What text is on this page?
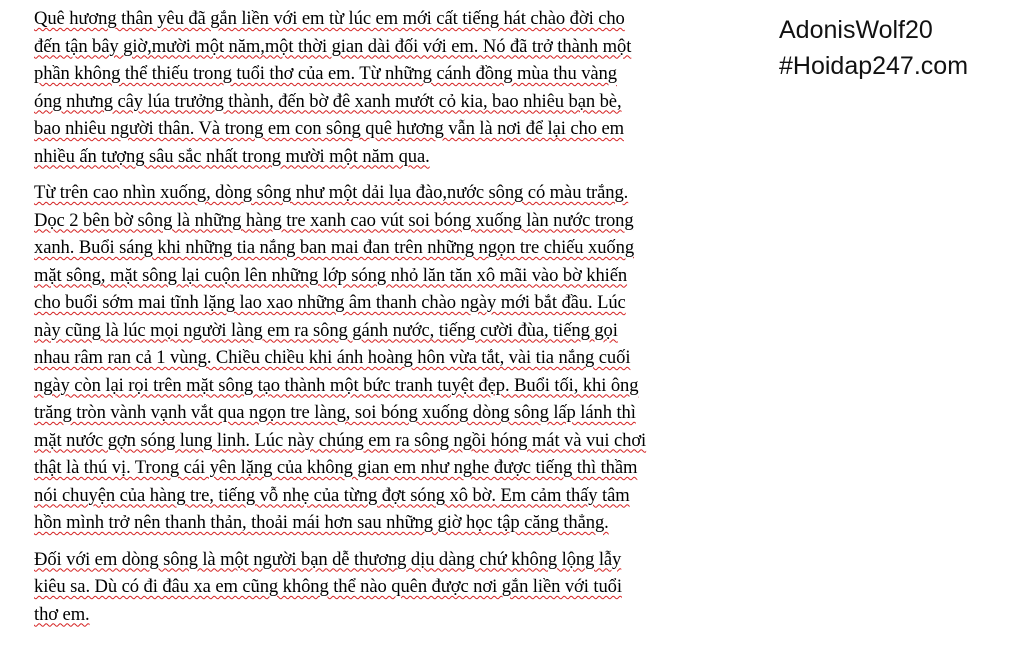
Quê hương thân yêu đã gắn liền với em từ lúc em mới cất tiếng hát chào đời cho
đến tận bây giờ,mười một năm,một thời gian dài đối với em. Nó đã trở thành một
phần không thể thiếu trong tuổi thơ của em. Từ những cánh đồng mùa thu vàng
óng nhưng cây lúa trưởng thành, đến bờ đê xanh mướt cỏ kia, bao nhiêu bạn bè,
bao nhiêu người thân. Và trong em con sông quê hương vẫn là nơi để lại cho em
nhiều ấn tượng sâu sắc nhất trong mười một năm qua.
Từ trên cao nhìn xuống, dòng sông như một dải lụa đào,nước sông có màu trắng.
Dọc 2 bên bờ sông là những hàng tre xanh cao vút soi bóng xuống làn nước trong
xanh. Buổi sáng khi những tia nắng ban mai đan trên những ngọn tre chiếu xuống
mặt sông, mặt sông lại cuộn lên những lớp sóng nhỏ lăn tăn xô mãi vào bờ khiến
cho buổi sớm mai tĩnh lặng lao xao những âm thanh chào ngày mới bắt đầu. Lúc
này cũng là lúc mọi người làng em ra sông gánh nước, tiếng cười đùa, tiếng gọi
nhau râm ran cả 1 vùng. Chiều chiều khi ánh hoàng hôn vừa tắt, vài tia nắng cuối
ngày còn lại rọi trên mặt sông tạo thành một bức tranh tuyệt đẹp. Buổi tối, khi ông
trăng tròn vành vạnh vắt qua ngọn tre làng, soi bóng xuống dòng sông lấp lánh thì
mặt nước gợn sóng lung linh. Lúc này chúng em ra sông ngồi hóng mát và vui chơi
thật là thú vị. Trong cái yên lặng của không gian em như nghe được tiếng thì thầm
nói chuyện của hàng tre, tiếng vỗ nhẹ của từng đợt sóng xô bờ. Em cảm thấy tâm
hồn mình trở nên thanh thản, thoải mái hơn sau những giờ học tập căng thẳng.
Đối với em dòng sông là một người bạn dễ thương dịu dàng chứ không lộng lẫy
kiêu sa. Dù có đi đâu xa em cũng không thể nào quên được nơi gắn liền với tuổi
thơ em.
AdonisWolf20
#Hoidap247.com
